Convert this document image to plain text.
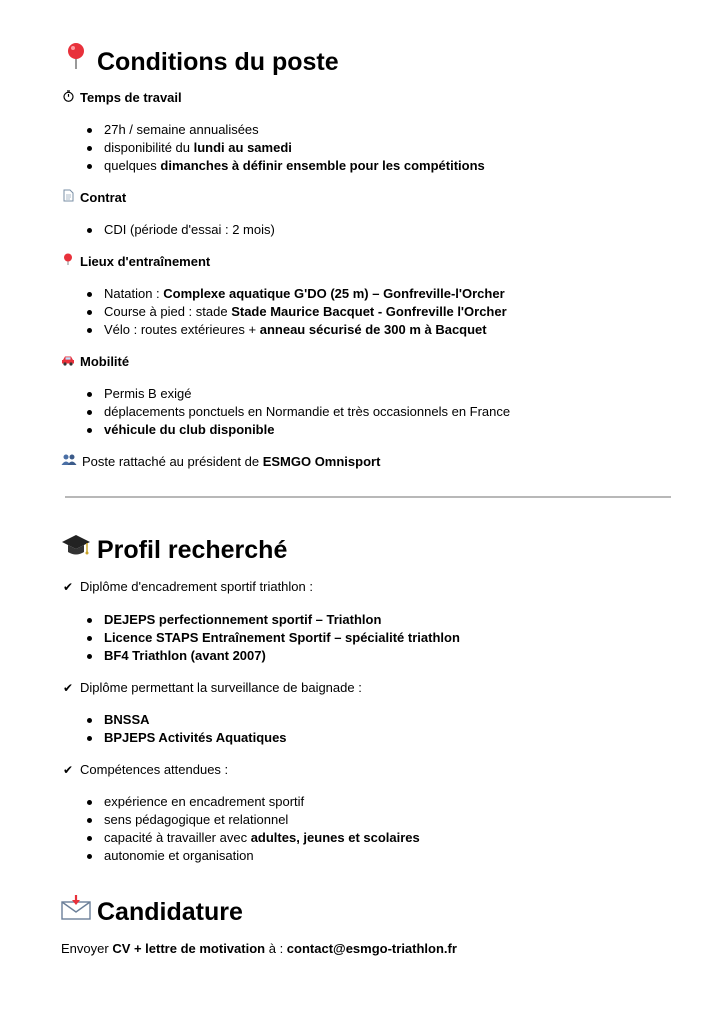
Conditions du poste

Temps de travail

27h / semaine annualisées
disponibilité du lundi au samedi
quelques dimanches à définir ensemble pour les compétitions

Contrat

CDI (période d'essai : 2 mois)

Lieux d'entraînement

Natation : Complexe aquatique G'DO (25 m) – Gonfreville-l'Orcher
Course à pied : stade Stade Maurice Bacquet - Gonfreville l'Orcher
Vélo : routes extérieures + anneau sécurisé de 300 m à Bacquet

Mobilité

Permis B exigé
déplacements ponctuels en Normandie et très occasionnels en France
véhicule du club disponible

Poste rattaché au président de ESMGO Omnisport

Profil recherché

✔ Diplôme d'encadrement sportif triathlon :

DEJEPS perfectionnement sportif – Triathlon
Licence STAPS Entraînement Sportif – spécialité triathlon
BF4 Triathlon (avant 2007)

✔ Diplôme permettant la surveillance de baignade :

BNSSA
BPJEPS Activités Aquatiques

✔ Compétences attendues :

expérience en encadrement sportif
sens pédagogique et relationnel
capacité à travailler avec adultes, jeunes et scolaires
autonomie et organisation
Candidature

Envoyer CV + lettre de motivation à : contact@esmgo-triathlon.fr
